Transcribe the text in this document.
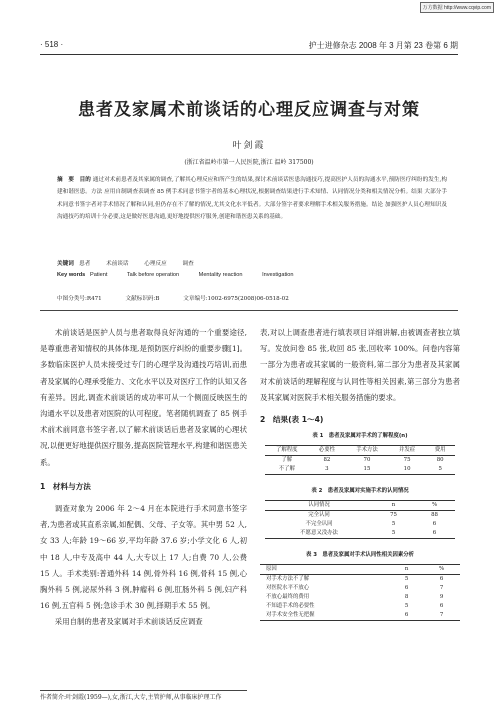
万方数据 http://www.cqvip.com
· 518 ·	护士进修杂志 2008 年 3 月第 23 卷第 6 期
患者及家属术前谈话的心理反应调查与对策
叶剑霞
(浙江省温岭市第一人民医院,浙江 温岭 317500)
摘　要　目的 通过对术前患者及其家属的调查,了解其心理反应和所产生的结果,探讨术前谈话医患沟通技巧,提高医护人员的沟通水平,预防医疗纠纷的发生,构建和谐医患。方法 应用自制调查表调查 85 例手术同意书签字者的基本心理状况,根据调查结果进行手术知情、认同情况分类和相关情况分析。结果 大部分手术同意书签字者对手术情况了解和认同,但仍存在不了解的情况,尤其文化水平低者。大部分签字者要求理解手术相关服务措施。结论 加强医护人员心理知识及沟通技巧的培训十分必要,这是做好医患沟通,更好地提供医疗服务,创建和谐医患关系的基础。
关键词 患者	术前谈话	心理反应	调查
Key words Patient	Talk before operation	Mentality reaction	Investigation
中图分类号:R471	文献标识码:B	文章编号:1002-6975(2008)06-0518-02

术前谈话是医护人员与患者取得良好沟通的一个重要途径,是尊重患者知情权的具体体现,是预防医疗纠纷的重要步骤[1]。多数临床医护人员未接受过专门的心理学及沟通技巧培训,而患者及家属的心理承受能力、文化水平以及对医疗工作的认知又各有差异。因此,调查术前谈话的成功率可从一个侧面反映医生的沟通水平以及患者对医院的认可程度。笔者随机调查了 85 例手术前术前同意书签字者,以了解术前谈话后患者及家属的心理状况,以便更好地提供医疗服务,提高医院管理水平,构建和谐医患关系。

1　材料与方法

调查对象为 2006 年 2～4 月在本院进行手术同意书签字者,为患者或其直系亲属,如配偶、父母、子女等。其中男 52 人,女 33 人;年龄 19～66 岁,平均年龄 37.6 岁;小学文化 6 人,初中 18 人,中专及高中 44 人,大专以上 17 人;自费 70 人,公费 15 人。手术类别:普通外科 14 例,骨外科 16 例,骨科 15 例,心胸外科 5 例,泌尿外科 3 例,肿瘤科 6 例,肛肠外科 5 例,妇产科 16 例,五官科 5 例;急诊手术 30 例,择期手术 55 例。

采用自制的患者及家属对手术前谈话反应调查

表,对以上调查患者进行填表项目详细讲解,由被调查者独立填写。发放问卷 85 张,收回 85 张,回收率 100%。问卷内容第一部分为患者或其家属的一般资料,第二部分为患者及其家属对术前谈话的理解程度与认同性等相关因素,第三部分为患者及其家属对医院手术相关服务措施的要求。

2　结果(表 1～4)
表 1　患者及家属对手术的了解程度(n)
了解程度	必要性	手术方法	并发症	费用
了解	82	70	75	80
不了解	3	15	10	5
表 2　患者及家属对实施手术的认同情况
认同情况	n	%
完全认同	75	88
不完全认同	5	6
不愿意又没办法	5	6
表 3　患者及家属对手术认同性相关因素分析
原因	n	%
对手术方法不了解	5	6
对医院水平不放心	6	7
不放心最终的费用	8	9
不知道手术的必要性	5	6
对手术安全性无把握	6	7
作者简介:叶剑霞(1959—),女,浙江,大专,主管护师,从事临床护理工作
